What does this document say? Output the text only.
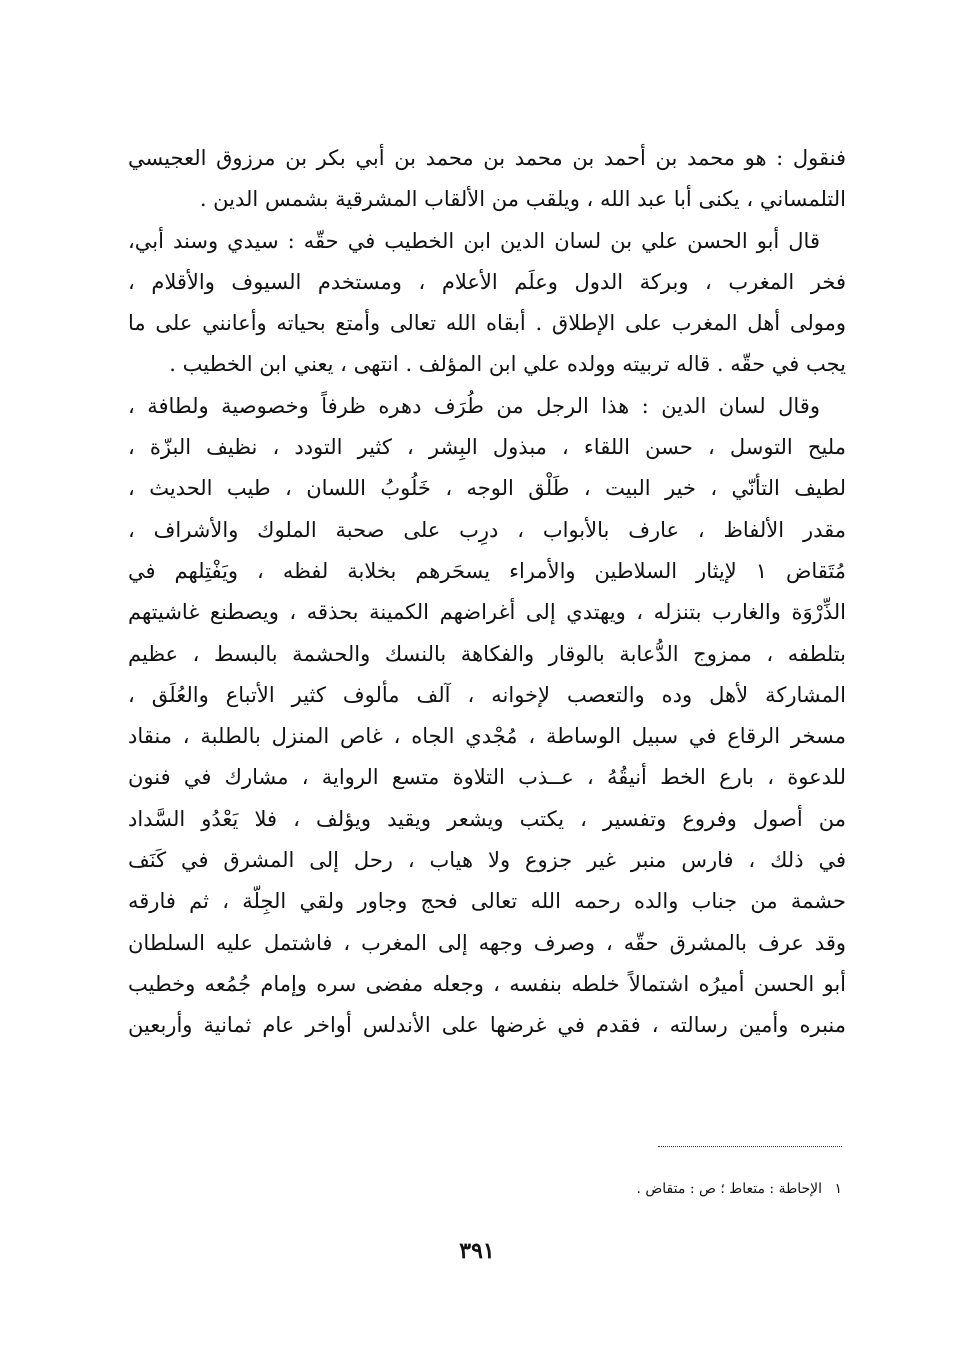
فنقول : هو محمد بن أحمد بن محمد بن محمد بن أبي بكر بن مرزوق العجيسي
التلمساني ، يكنى أبا عبد الله ، ويلقب من الألقاب المشرقية بشمس الدين .
قال أبو الحسن علي بن لسان الدين ابن الخطيب في حقّه : سيدي وسند أبي،
فخر المغرب ، وبركة الدول وعلَم الأعلام ، ومستخدم السيوف والأقلام ،
ومولى أهل المغرب على الإطلاق . أبقاه الله تعالى وأمتع بحياته وأعانني على ما
يجب في حقّه . قاله تربيته وولده علي ابن المؤلف . انتهى ، يعني ابن الخطيب .
وقال لسان الدين : هذا الرجل من طُرَف دهره ظرفاً وخصوصية ولطافة ،
مليح التوسل ، حسن اللقاء ، مبذول البِشر ، كثير التودد ، نظيف البزّة ،
لطيف التأنّي ، خير البيت ، طَلْق الوجه ، خَلُوبُ اللسان ، طيب الحديث ،
مقدر الألفاظ ، عارف بالأبواب ، درِب على صحبة الملوك والأشراف ،
مُتَقاض ١ لإيثار السلاطين والأمراء يسحَرهم بخلابة لفظه ، ويَفْتِلهم في
الذِّرْوَة والغارب بتنزله ، ويهتدي إلى أغراضهم الكمينة بحذقه ، ويصطنع غاشيتهم
بتلطفه ، ممزوج الدُّعابة بالوقار والفكاهة بالنسك والحشمة بالبسط ، عظيم
المشاركة لأهل وده والتعصب لإخوانه ، آلف مألوف كثير الأتباع والعُلَق ،
مسخر الرقاع في سبيل الوساطة ، مُجْدي الجاه ، غاص المنزل بالطلبة ، منقاد
للدعوة ، بارع الخط أنيقُهُ ، عــذب التلاوة متسع الرواية ، مشارك في فنون
من أصول وفروع وتفسير ، يكتب ويشعر ويقيد ويؤلف ، فلا يَعْدُو السَّداد
في ذلك ، فارس منبر غير جزوع ولا هياب ، رحل إلى المشرق في كَنَف
حشمة من جناب والده رحمه الله تعالى فحج وجاور ولقي الجِلّة ، ثم فارقه
وقد عرف بالمشرق حقّه ، وصرف وجهه إلى المغرب ، فاشتمل عليه السلطان
أبو الحسن أميرُه اشتمالاً خلطه بنفسه ، وجعله مفضى سره وإمام جُمُعه وخطيب
منبره وأمين رسالته ، فقدم في غرضها على الأندلس أواخر عام ثمانية وأربعين
١ الإحاطة : متعاط ؛ ص : متقاض .
٣٩١
